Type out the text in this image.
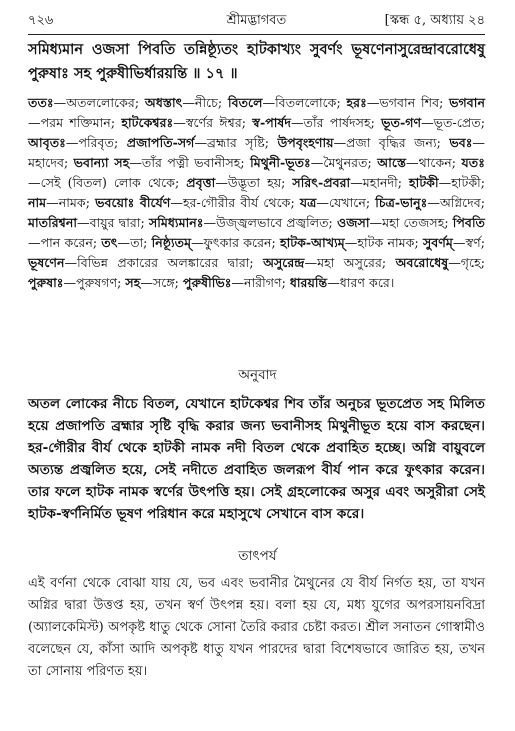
৭২৬	শ্রীমদ্ভাগবত	[স্কন্ধ ৫, অধ্যায় ২৪
সমিধ্যমান ওজসা পিবতি তন্নিষ্ঠ্যূতং হাটকাখ্যং সুবর্ণং ভূষণেনাসুরেন্দ্রাবরোধেষু পুরুষাঃ সহ পুরুষীভির্ধারয়ন্তি ॥ ১৭ ॥
ততঃ—অতললোকের; অধস্তাৎ—নীচে; বিতলে—বিতললোকে; হরঃ—ভগবান শিব; ভগবান—পরম শক্তিমান; হাটকেশ্বরঃ—স্বর্ণের ঈশ্বর; স্ব-পার্ষদ—তাঁর পার্ষদসহ; ভূত-গণ—ভূত-প্রেত; আবৃতঃ—পরিবৃত; প্রজাপতি-সর্গ—ব্রহ্মার সৃষ্টি; উপবৃংহণায়—প্রজা বৃদ্ধির জন্য; ভবঃ—মহাদেব; ভবান্যা সহ—তাঁর পত্নী ভবানীসহ; মিথুনী-ভূতঃ—মৈথুনরত; আস্তে—থাকেন; যতঃ—সেই (বিতল) লোক থেকে; প্রবৃত্তা—উদ্ভূতা হয়; সরিৎ-প্রবরা—মহানদী; হাটকী—হাটকী; নাম—নামক; ভবয়োঃ বীর্যেণ—হর-গৌরীর বীর্য থেকে; যত্র—যেখানে; চিত্র-ভানুঃ—অগ্নিদেব; মাতরিশ্বনা—বায়ুর দ্বারা; সমিধ্যমানঃ—উজ্জ্বলভাবে প্রজ্বলিত; ওজসা—মহা তেজসহ; পিবতি—পান করেন; তৎ—তা; নিষ্ঠ্যূতম্—ফুৎকার করেন; হাটক-আখ্যম্—হাটক নামক; সুবর্ণম্—স্বর্ণ; ভূষণেন—বিভিন্ন প্রকারের অলঙ্কারের দ্বারা; অসুরেন্দ্র—মহা অসুরের; অবরোধেষু—গৃহে; পুরুষাঃ—পুরুষগণ; সহ—সঙ্গে; পুরুষীভিঃ—নারীগণ; ধারয়ন্তি—ধারণ করে।
অনুবাদ
অতল লোকের নীচে বিতল, যেখানে হাটকেশ্বর শিব তাঁর অনুচর ভূতপ্রেত সহ মিলিত হয়ে প্রজাপতি ব্রহ্মার সৃষ্টি বৃদ্ধি করার জন্য ভবানীসহ মিথুনীভূত হয়ে বাস করছেন। হর-গৌরীর বীর্য থেকে হাটকী নামক নদী বিতল থেকে প্রবাহিত হচ্ছে। অগ্নি বায়ুবলে অত্যন্ত প্রজ্বলিত হয়ে, সেই নদীতে প্রবাহিত জলরূপ বীর্য পান করে ফুৎকার করেন। তার ফলে হাটক নামক স্বর্ণের উৎপত্তি হয়। সেই গ্রহলোকের অসুর এবং অসুরীরা সেই হাটক-স্বর্ণনির্মিত ভূষণ পরিধান করে মহাসুখে সেখানে বাস করে।
তাৎপর্য
এই বর্ণনা থেকে বোঝা যায় যে, ভব এবং ভবানীর মৈথুনের যে বীর্য নির্গত হয়, তা যখন অগ্নির দ্বারা উত্তপ্ত হয়, তখন স্বর্ণ উৎপন্ন হয়। বলা হয় যে, মধ্য যুগের অপরসায়নবিদ্রা (অ্যালকেমিস্ট) অপকৃষ্ট ধাতু থেকে সোনা তৈরি করার চেষ্টা করত। শ্রীল সনাতন গোস্বামীও বলেছেন যে, কাঁসা আদি অপকৃষ্ট ধাতু যখন পারদের দ্বারা বিশেষভাবে জারিত হয়, তখন তা সোনায় পরিণত হয়।
